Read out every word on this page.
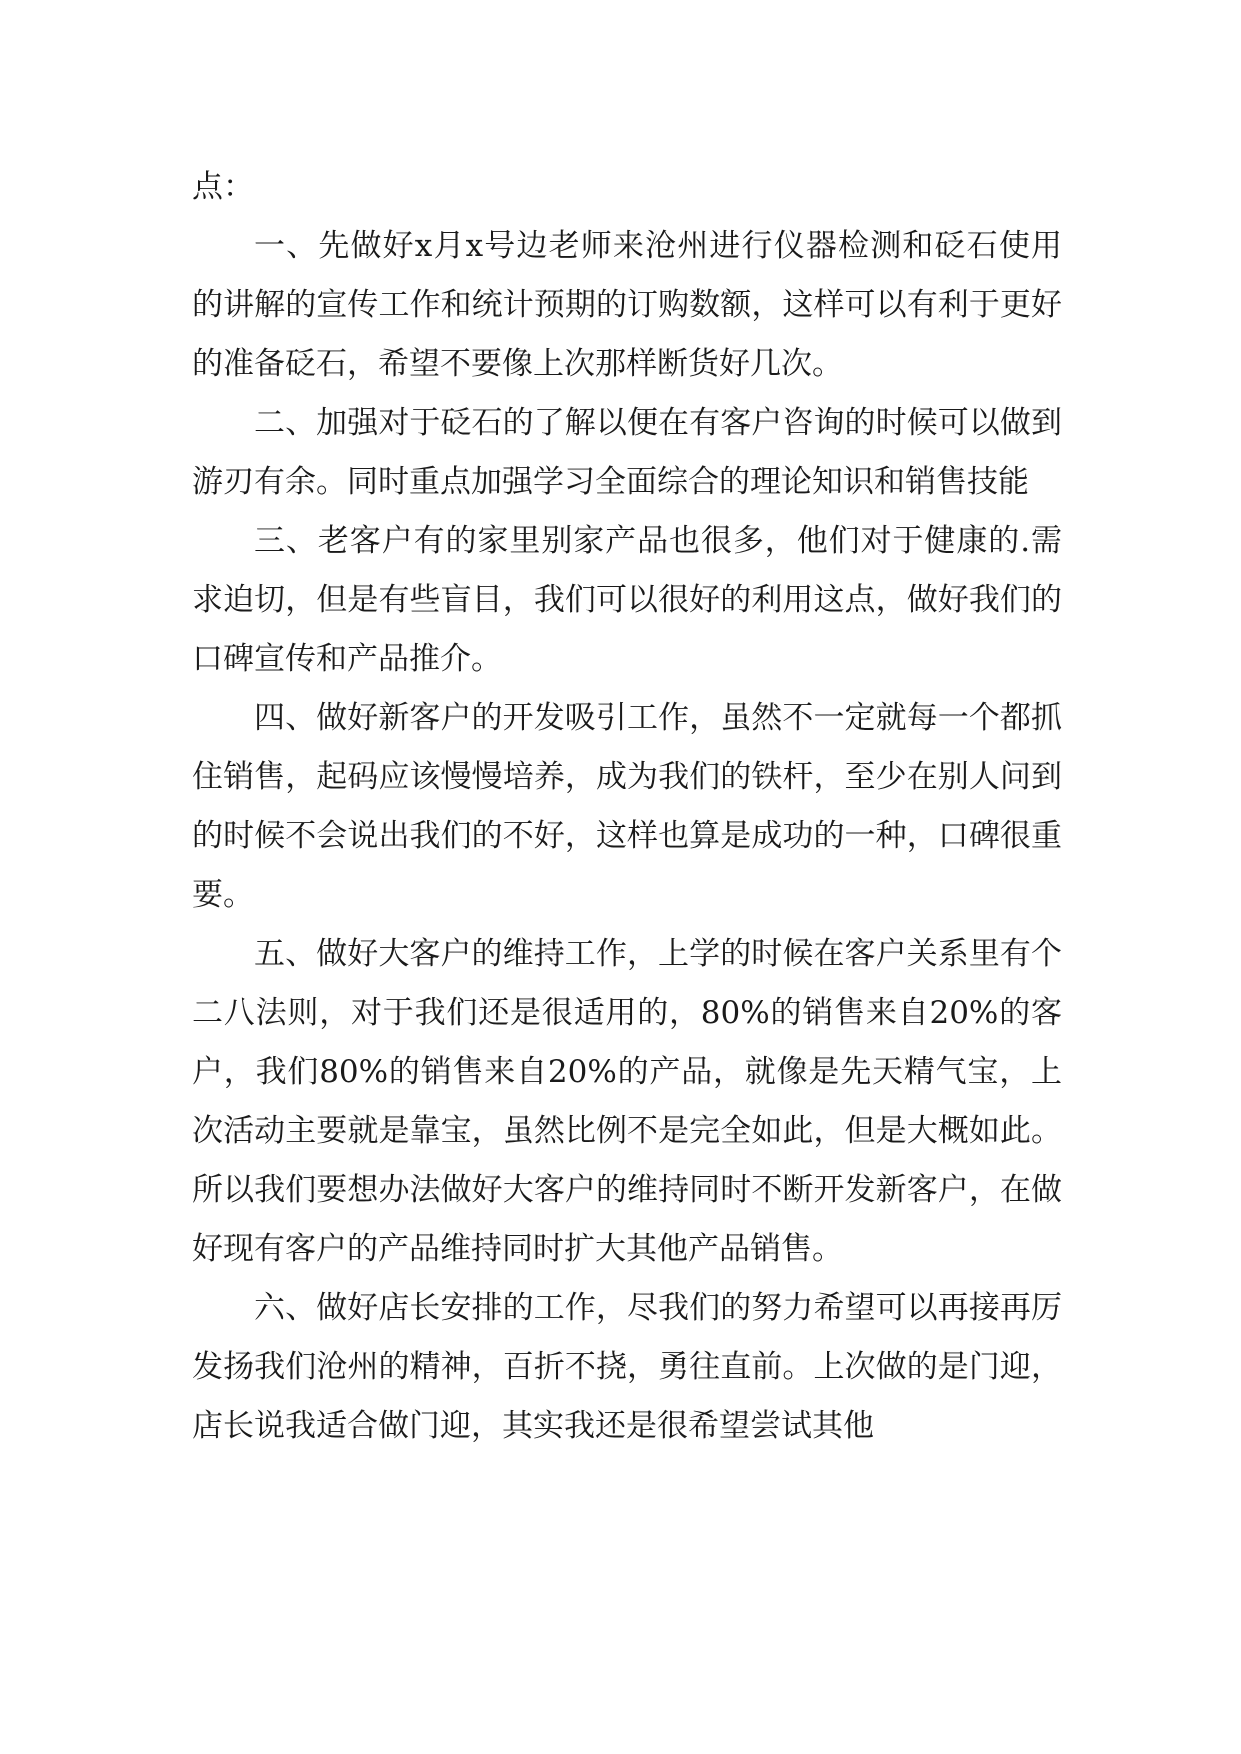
点：

一、先做好x月x号边老师来沧州进行仪器检测和砭石使用的讲解的宣传工作和统计预期的订购数额，这样可以有利于更好的准备砭石，希望不要像上次那样断货好几次。

二、加强对于砭石的了解以便在有客户咨询的时候可以做到游刃有余。同时重点加强学习全面综合的理论知识和销售技能

三、老客户有的家里别家产品也很多，他们对于健康的.需求迫切，但是有些盲目，我们可以很好的利用这点，做好我们的口碑宣传和产品推介。

四、做好新客户的开发吸引工作，虽然不一定就每一个都抓住销售，起码应该慢慢培养，成为我们的铁杆，至少在别人问到的时候不会说出我们的不好，这样也算是成功的一种，口碑很重要。

五、做好大客户的维持工作，上学的时候在客户关系里有个二八法则，对于我们还是很适用的，80%的销售来自20%的客户，我们80%的销售来自20%的产品，就像是先天精气宝，上次活动主要就是靠宝，虽然比例不是完全如此，但是大概如此。所以我们要想办法做好大客户的维持同时不断开发新客户，在做好现有客户的产品维持同时扩大其他产品销售。

六、做好店长安排的工作，尽我们的努力希望可以再接再厉发扬我们沧州的精神，百折不挠，勇往直前。上次做的是门迎，店长说我适合做门迎，其实我还是很希望尝试其他
